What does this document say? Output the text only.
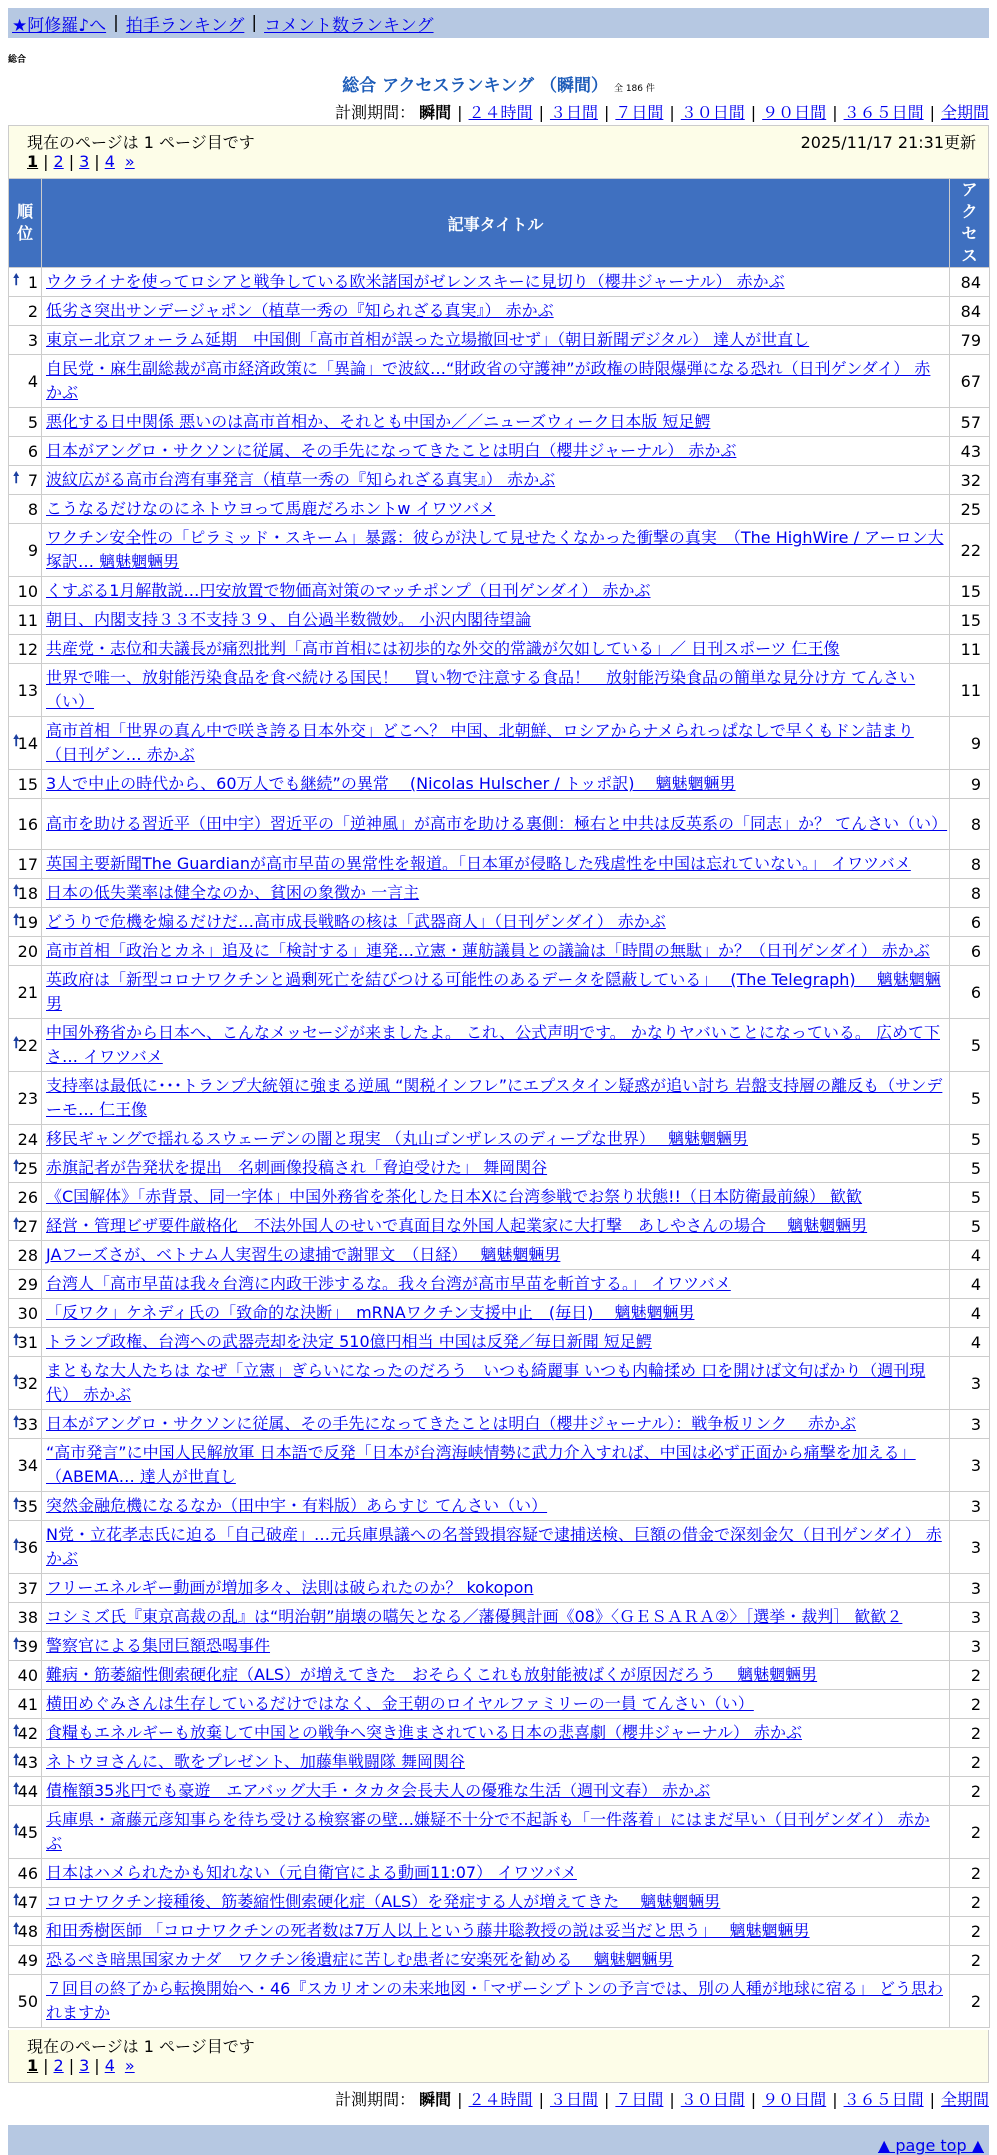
★阿修羅♪へ | 拍手ランキング | コメント数ランキング
総合
総合 アクセスランキング （瞬間） 全 186 件
計測期間： 瞬間 | ２４時間 | ３日間 | ７日間 | ３０日間 | ９０日間 | ３６５日間 | 全期間
現在のページは 1 ページ目です	2025/11/17 21:31更新
1 | 2 | 3 | 4 »
順位	記事タイトル	アクセス

🠕 1	ウクライナを使ってロシアと戦争している欧米諸国がゼレンスキーに見切り（櫻井ジャーナル） 赤かぶ	84
2	低劣さ突出サンデージャポン（植草一秀の『知られざる真実』） 赤かぶ	84
3	東京ー北京フォーラム延期　中国側「高市首相が誤った立場撤回せず」（朝日新聞デジタル） 達人が世直し	79
4	自民党・麻生副総裁が高市経済政策に「異論」で波紋…“財政省の守護神”が政権の時限爆弾になる恐れ（日刊ゲンダイ） 赤かぶ	67
5	悪化する日中関係 悪いのは高市首相か、それとも中国か／／ニューズウィーク日本版 短足鰐	57
6	日本がアングロ・サクソンに従属、その手先になってきたことは明白（櫻井ジャーナル） 赤かぶ	43

🠕 7	波紋広がる高市台湾有事発言（植草一秀の『知られざる真実』） 赤かぶ	32
8	こうなるだけなのにネトウヨって馬鹿だろホントw イワツバメ	25
9	ワクチン安全性の「ピラミッド・スキーム」暴露：彼らが決して見せたくなかった衝撃の真実　（The HighWire / アーロン大塚訳… 魑魅魍魎男	22
10	くすぶる1月解散説…円安放置で物価高対策のマッチポンプ（日刊ゲンダイ） 赤かぶ	15
11	朝日、内閣支持３３不支持３９、自公過半数微妙。 小沢内閣待望論	15
12	共産党・志位和夫議長が痛烈批判「高市首相には初歩的な外交的常識が欠如している」／ 日刊スポーツ 仁王像	11
13	世界で唯一、放射能汚染食品を食べ続ける国民！　買い物で注意する食品！　放射能汚染食品の簡単な見分け方 てんさい（い）	11

🠕
14	高市首相「世界の真ん中で咲き誇る日本外交」どこへ？ 中国、北朝鮮、ロシアからナメられっぱなしで早くもドン詰まり（日刊ゲン… 赤かぶ	9
15	3人で中止の時代から、60万人でも継続”の異常　 (Nicolas Hulscher / トッポ訳)　 魑魅魍魎男	9
16	高市を助ける習近平（田中宇）習近平の「逆神風」が高市を助ける裏側：極右と中共は反英系の「同志」か？ てんさい（い）	8
17	英国主要新聞The Guardianが高市早苗の異常性を報道。「日本軍が侵略した残虐性を中国は忘れていない。」 イワツバメ	8

🠕
18	日本の低失業率は健全なのか、貧困の象徴か 一言主	8

🠕
19	どうりで危機を煽るだけだ…高市成長戦略の核は「武器商人」（日刊ゲンダイ） 赤かぶ	6
20	高市首相「政治とカネ」追及に「検討する」連発…立憲・蓮舫議員との議論は「時間の無駄」か？（日刊ゲンダイ） 赤かぶ	6
21	英政府は「新型コロナワクチンと過剰死亡を結びつける可能性のあるデータを隠蔽している」　 (The Telegraph)　 魑魅魍魎男	6

🠕
22	中国外務省から日本へ、こんなメッセージが来ましたよ。 これ、公式声明です。 かなりヤバいことになっている。 広めて下さ… イワツバメ	5
23	支持率は最低に･･･トランプ大統領に強まる逆風 “関税インフレ”にエプスタイン疑惑が追い討ち 岩盤支持層の離反も（サンデーモ… 仁王像	5
24	移民ギャングで揺れるスウェーデンの闇と現実 （丸山ゴンザレスのディープな世界）　 魑魅魍魎男	5

🠕
25	赤旗記者が告発状を提出　名刺画像投稿され「脅迫受けた」 舞岡関谷	5
26	《C国解体》「赤背景、同一字体」中国外務省を茶化した日本Xに台湾参戦でお祭り状態!!（日本防衛最前線） 歓歓	5

🠕
27	経営・管理ビザ要件厳格化　不法外国人のせいで真面目な外国人起業家に大打撃　あしやさんの場合　 魑魅魍魎男	5
28	JAフーズさが、ベトナム人実習生の逮捕で謝罪文　（日経）　 魑魅魍魎男	4
29	台湾人「高市早苗は我々台湾に内政干渉するな。我々台湾が高市早苗を斬首する。」 イワツバメ	4
30	「反ワク」ケネディ氏の「致命的な決断」　mRNAワクチン支援中止　(毎日)　 魑魅魍魎男	4

🠕
31	トランプ政権、台湾への武器売却を決定 510億円相当 中国は反発／毎日新聞 短足鰐	4

🠕
32	まともな大人たちは なぜ「立憲」ぎらいになったのだろう　いつも綺麗事 いつも内輪揉め 口を開けば文句ばかり（週刊現代） 赤かぶ	3

🠕
33	日本がアングロ・サクソンに従属、その手先になってきたことは明白（櫻井ジャーナル）：戦争板リンク　 赤かぶ	3
34	“高市発言”に中国人民解放軍 日本語で反発「日本が台湾海峡情勢に武力介入すれば、中国は必ず正面から痛撃を加える」（ABEMA… 達人が世直し	3

🠕
35	突然金融危機になるなか（田中宇・有料版）あらすじ てんさい（い）	3

🠕
36	N党・立花孝志氏に迫る「自己破産」…元兵庫県議への名誉毀損容疑で逮捕送検、巨額の借金で深刻金欠（日刊ゲンダイ） 赤かぶ	3
37	フリーエネルギー動画が増加多々、法則は破られたのか？ kokopon	3
38	コシミズ氏『東京高裁の乱』は“明治朝”崩壊の嚆矢となる／藩優興計画《08》〈ＧＥＳＡＲＡ②〉［選挙・裁判］ 歓歓２	3

🠕
39	警察官による集団巨額恐喝事件	3
40	難病・筋萎縮性側索硬化症（ALS）が増えてきた　おそらくこれも放射能被ばくが原因だろう　 魑魅魍魎男	2
41	横田めぐみさんは生存しているだけではなく、金王朝のロイヤルファミリーの一員 てんさい（い）	2

🠕
42	食糧もエネルギーも放棄して中国との戦争へ突き進まされている日本の悲喜劇（櫻井ジャーナル） 赤かぶ	2

🠕
43	ネトウヨさんに、歌をプレゼント、加藤隼戦闘隊 舞岡関谷	2

🠕
44	債権額35兆円でも豪遊　エアバッグ大手・タカタ会長夫人の優雅な生活（週刊文春） 赤かぶ	2

🠕
45	兵庫県・斎藤元彦知事らを待ち受ける検察審の壁…嫌疑不十分で不起訴も「一件落着」にはまだ早い（日刊ゲンダイ） 赤かぶ	2
46	日本はハメられたかも知れない（元自衛官による動画11:07） イワツバメ	2

🠕
47	コロナワクチン接種後、筋萎縮性側索硬化症（ALS）を発症する人が増えてきた　 魑魅魍魎男	2

🠕
48	和田秀樹医師 「コロナワクチンの死者数は7万人以上という藤井聡教授の説は妥当だと思う」　 魑魅魍魎男	2
49	恐るべき暗黒国家カナダ　ワクチン後遺症に苦しむ患者に安楽死を勧める　 魑魅魍魎男	2
50	７回目の終了から転換開始へ・46『スカリオンの未来地図・「マザーシプトンの予言では、別の人種が地球に宿る」 どう思われますか	2
現在のページは 1 ページ目です
1 | 2 | 3 | 4 »
計測期間： 瞬間 | ２４時間 | ３日間 | ７日間 | ３０日間 | ９０日間 | ３６５日間 | 全期間
▲ page top ▲
